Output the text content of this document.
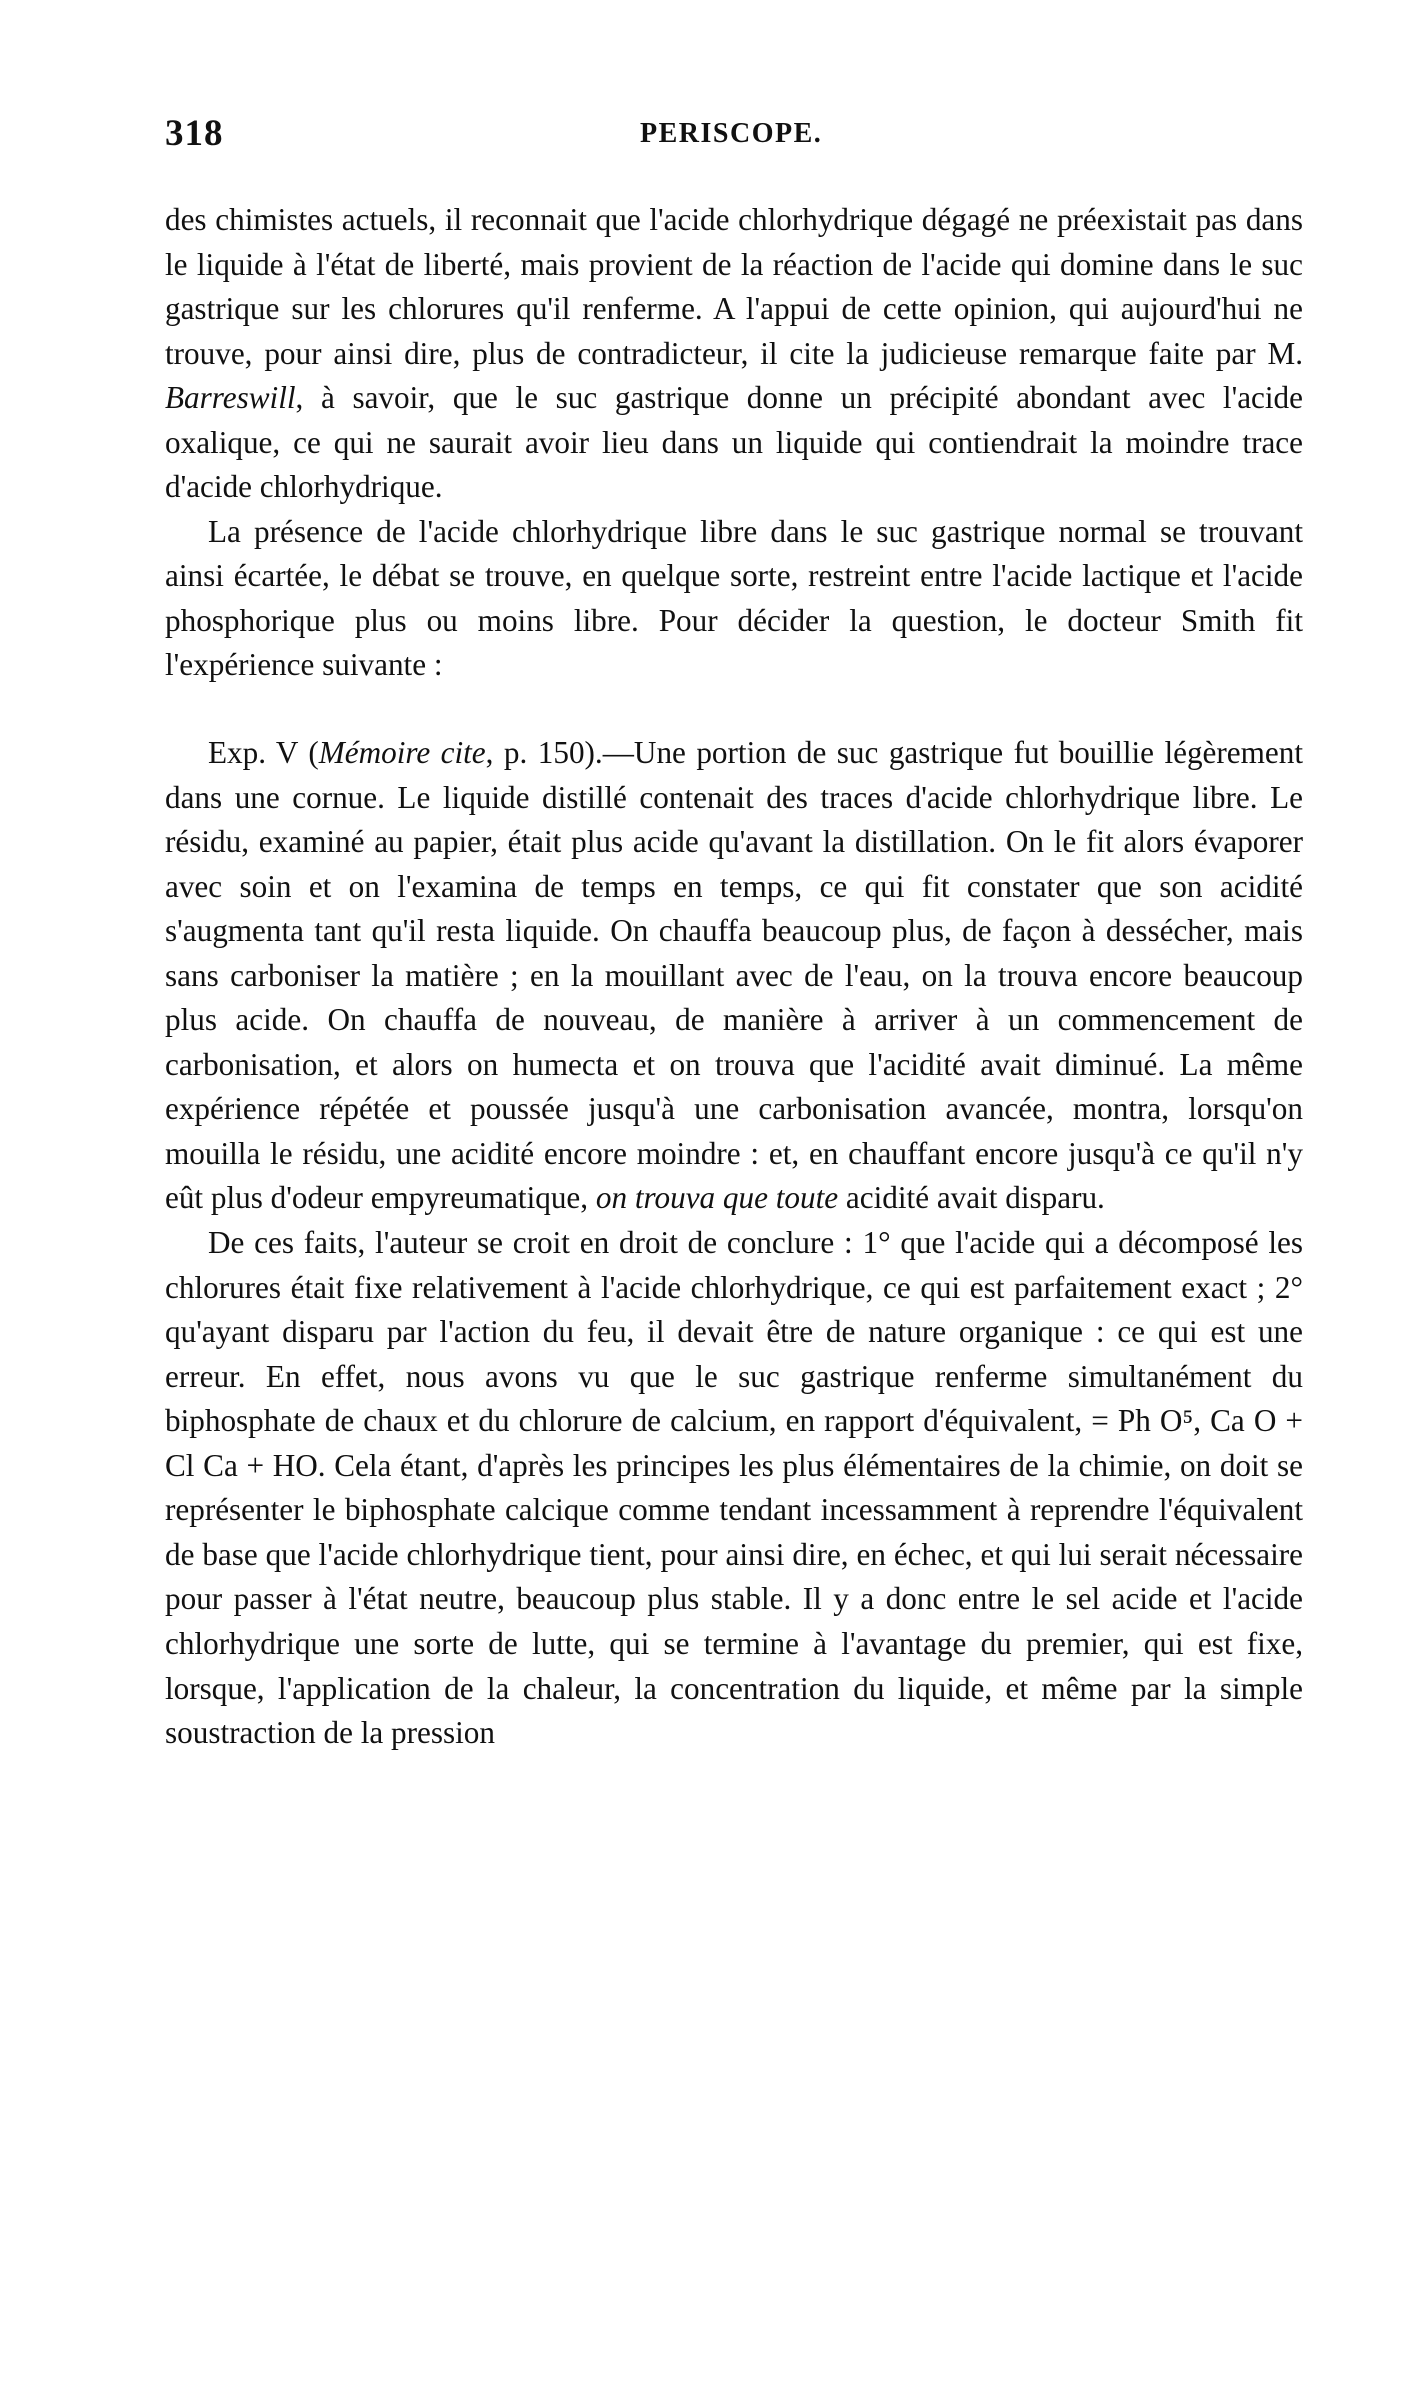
318	PERISCOPE.

des chimistes actuels, il reconnait que l'acide chlorhydrique dégagé ne préexistait pas dans le liquide à l'état de liberté, mais provient de la réaction de l'acide qui domine dans le suc gastrique sur les chlorures qu'il renferme. A l'appui de cette opinion, qui aujourd'hui ne trouve, pour ainsi dire, plus de contradicteur, il cite la judicieuse remarque faite par M. Barreswill, à savoir, que le suc gastrique donne un précipité abondant avec l'acide oxalique, ce qui ne saurait avoir lieu dans un liquide qui contiendrait la moindre trace d'acide chlorhydrique.

La présence de l'acide chlorhydrique libre dans le suc gastrique normal se trouvant ainsi écartée, le débat se trouve, en quelque sorte, restreint entre l'acide lactique et l'acide phosphorique plus ou moins libre. Pour décider la question, le docteur Smith fit l'expérience suivante :

Exp. V (Mémoire cite, p. 150).—Une portion de suc gastrique fut bouillie légèrement dans une cornue. Le liquide distillé contenait des traces d'acide chlorhydrique libre. Le résidu, examiné au papier, était plus acide qu'avant la distillation. On le fit alors évaporer avec soin et on l'examina de temps en temps, ce qui fit constater que son acidité s'augmenta tant qu'il resta liquide. On chauffa beaucoup plus, de façon à dessécher, mais sans carboniser la matière ; en la mouillant avec de l'eau, on la trouva encore beaucoup plus acide. On chauffa de nouveau, de manière à arriver à un commencement de carbonisation, et alors on humecta et on trouva que l'acidité avait diminué. La même expérience répétée et poussée jusqu'à une carbonisation avancée, montra, lorsqu'on mouilla le résidu, une acidité encore moindre : et, en chauffant encore jusqu'à ce qu'il n'y eût plus d'odeur empyreumatique, on trouva que toute acidité avait disparu.

De ces faits, l'auteur se croit en droit de conclure : 1° que l'acide qui a décomposé les chlorures était fixe relativement à l'acide chlorhydrique, ce qui est parfaitement exact ; 2° qu'ayant disparu par l'action du feu, il devait être de nature organique : ce qui est une erreur. En effet, nous avons vu que le suc gastrique renferme simultanément du biphosphate de chaux et du chlorure de calcium, en rapport d'équivalent, = Ph O⁵, Ca O + Cl Ca + HO. Cela étant, d'après les principes les plus élémentaires de la chimie, on doit se représenter le biphosphate calcique comme tendant incessamment à reprendre l'équivalent de base que l'acide chlorhydrique tient, pour ainsi dire, en échec, et qui lui serait nécessaire pour passer à l'état neutre, beaucoup plus stable. Il y a donc entre le sel acide et l'acide chlorhydrique une sorte de lutte, qui se termine à l'avantage du premier, qui est fixe, lorsque, l'application de la chaleur, la concentration du liquide, et même par la simple soustraction de la pression
